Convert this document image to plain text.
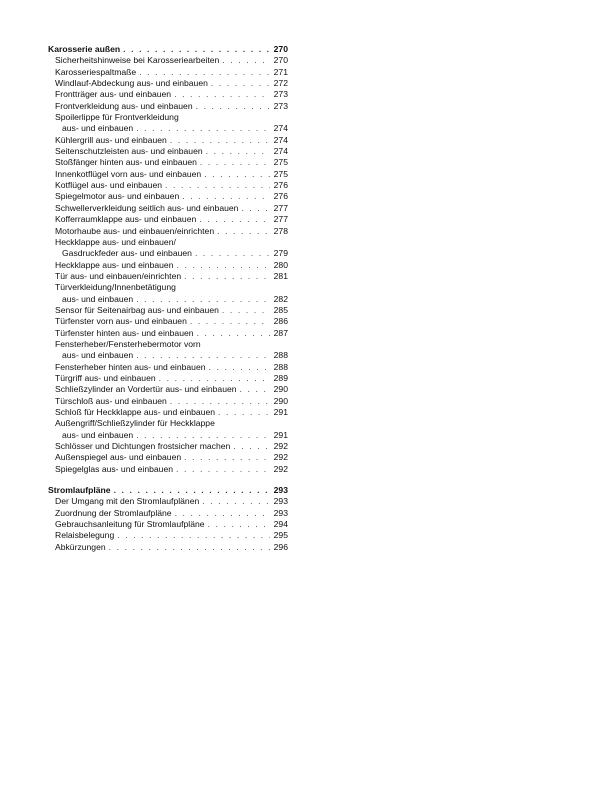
Karosserie außen . . .	270
Sicherheitshinweise bei Karosseriearbeiten . . .	270
Karosseriespaltmaße . . .	271
Windlauf-Abdeckung aus- und einbauen . . .	272
Frontträger aus- und einbauen . . .	273
Frontverkleidung aus- und einbauen . . .	273
Spoilerlippe für Frontverkleidung
aus- und einbauen . . .	274
Kühlergrill aus- und einbauen . . .	274
Seitenschutzleisten aus- und einbauen . . .	274
Stoßfänger hinten aus- und einbauen . . .	275
Innenkotflügel vorn aus- und einbauen . . .	275
Kotflügel aus- und einbauen . . .	276
Spiegelmotor aus- und einbauen . . .	276
Schwellerverkleidung seitlich aus- und einbauen . . .	277
Kofferraumklappe aus- und einbauen . . .	277
Motorhaube aus- und einbauen/einrichten . . .	278
Heckklappe aus- und einbauen/
Gasdruckfeder aus- und einbauen . . .	279
Heckklappe aus- und einbauen . . .	280
Tür aus- und einbauen/einrichten . . .	281
Türverkleidung/Innenbetätigung
aus- und einbauen . . .	282
Sensor für Seitenairbag aus- und einbauen . . .	285
Türfenster vorn aus- und einbauen . . .	286
Türfenster hinten aus- und einbauen . . .	287
Fensterheber/Fensterhebermotor vorn
aus- und einbauen . . .	288
Fensterheber hinten aus- und einbauen . . .	288
Türgriff aus- und einbauen . . .	289
Schließzylinder an Vordertür aus- und einbauen . . .	290
Türschloß aus- und einbauen . . .	290
Schloß für Heckklappe aus- und einbauen . . .	291
Außengriff/Schließzylinder für Heckklappe
aus- und einbauen . . .	291
Schlösser und Dichtungen frostsicher machen . . .	292
Außenspiegel aus- und einbauen . . .	292
Spiegelglas aus- und einbauen . . .	292
Stromlaufpläne . . .	293
Der Umgang mit den Stromlaufplänen . . .	293
Zuordnung der Stromlaufpläne . . .	293
Gebrauchsanleitung für Stromlaufpläne . . .	294
Relaisbelegung . . .	295
Abkürzungen . . .	296
